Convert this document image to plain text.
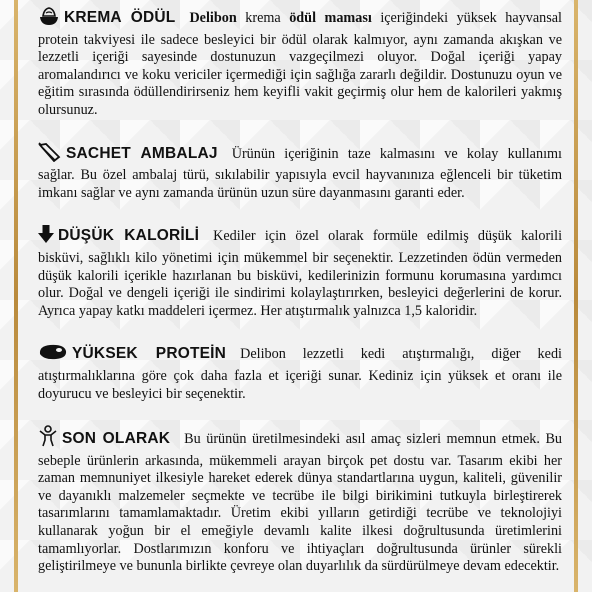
KREMA ÖDÜL Delibon krema ödül maması içeriğindeki yüksek hayvansal protein takviyesi ile sadece besleyici bir ödül olarak kalmıyor, aynı zamanda akışkan ve lezzetli içeriği sayesinde dostunuzun vazgeçilmezi oluyor. Doğal içeriği yapay aromalandırıcı ve koku vericiler içermediği için sağlığa zararlı değildir. Dostunuzu oyun ve eğitim sırasında ödüllendirirseniz hem keyifli vakit geçirmiş olur hem de kalorileri yakmış olursunuz.

SACHET AMBALAJ Ürünün içeriğinin taze kalmasını ve kolay kullanımı sağlar. Bu özel ambalaj türü, sıkılabilir yapısıyla evcil hayvanınıza eğlenceli bir tüketim imkanı sağlar ve aynı zamanda ürünün uzun süre dayanmasını garanti eder.

DÜŞÜK KALORİLİ Kediler için özel olarak formüle edilmiş düşük kalorili bisküvi, sağlıklı kilo yönetimi için mükemmel bir seçenektir. Lezzetinden ödün vermeden düşük kalorili içerikle hazırlanan bu bisküvi, kedilerinizin formunu korumasına yardımcı olur. Doğal ve dengeli içeriği ile sindirimi kolaylaştırırken, besleyici değerlerini de korur. Ayrıca yapay katkı maddeleri içermez. Her atıştırmalık yalnızca 1,5 kaloridir.

YÜKSEK PROTEİN Delibon lezzetli kedi atıştırmalığı, diğer kedi atıştırmalıklarına göre çok daha fazla et içeriği sunar. Kediniz için yüksek et oranı ile doyurucu ve besleyici bir seçenektir.

SON OLARAK Bu ürünün üretilmesindeki asıl amaç sizleri memnun etmek. Bu sebeple ürünlerin arkasında, mükemmeli arayan birçok pet dostu var. Tasarım ekibi her zaman memnuniyet ilkesiyle hareket ederek dünya standartlarına uygun, kaliteli, güvenilir ve dayanıklı malzemeler seçmekte ve tecrübe ile bilgi birikimini tutkuyla birleştirerek tasarımlarını tamamlamaktadır. Üretim ekibi yılların getirdiği tecrübe ve teknolojiyi kullanarak yoğun bir el emeğiyle devamlı kalite ilkesi doğrultusunda üretimlerini tamamlıyorlar. Dostlarımızın konforu ve ihtiyaçları doğrultusunda ürünler sürekli geliştirilmeye ve bununla birlikte çevreye olan duyarlılık da sürdürülmeye devam edecektir.
